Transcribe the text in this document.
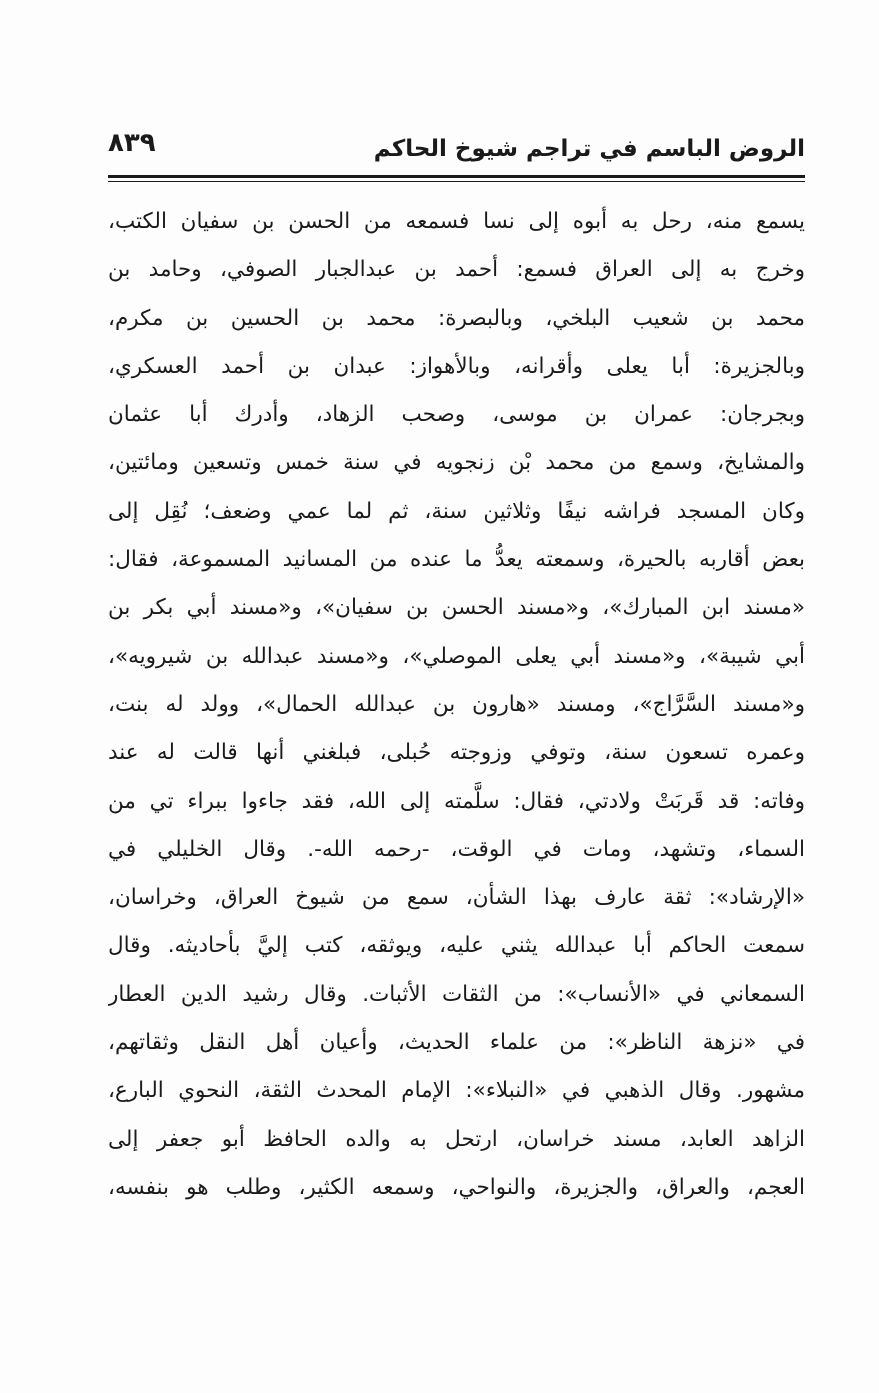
الروض الباسم في تراجم شيوخ الحاكم
٨٣٩
يسمع منه، رحل به أبوه إلى نسا فسمعه من الحسن بن سفيان الكتب،
وخرج به إلى العراق فسمع: أحمد بن عبدالجبار الصوفي، وحامد بن
محمد بن شعيب البلخي، وبالبصرة: محمد بن الحسين بن مكرم،
وبالجزيرة: أبا يعلى وأقرانه، وبالأهواز: عبدان بن أحمد العسكري،
وبجرجان: عمران بن موسى، وصحب الزهاد، وأدرك أبا عثمان
والمشايخ، وسمع من محمد بْن زنجويه في سنة خمس وتسعين ومائتين،
وكان المسجد فراشه نيفًا وثلاثين سنة، ثم لما عمي وضعف؛ نُقِل إلى
بعض أقاربه بالحيرة، وسمعته يعدُّ ما عنده من المسانيد المسموعة، فقال:
«مسند ابن المبارك»، و«مسند الحسن بن سفيان»، و«مسند أبي بكر بن
أبي شيبة»، و«مسند أبي يعلى الموصلي»، و«مسند عبدالله بن شيرويه»،
و«مسند السَّرَّاج»، ومسند «هارون بن عبدالله الحمال»، وولد له بنت،
وعمره تسعون سنة، وتوفي وزوجته حُبلى، فبلغني أنها قالت له عند
وفاته: قد قَربَتْ ولادتي، فقال: سلَّمته إلى الله، فقد جاءوا ببراء تي من
السماء، وتشهد، ومات في الوقت، -رحمه الله-. وقال الخليلي في
«الإرشاد»: ثقة عارف بهذا الشأن، سمع من شيوخ العراق، وخراسان،
سمعت الحاكم أبا عبدالله يثني عليه، ويوثقه، كتب إليَّ بأحاديثه. وقال
السمعاني في «الأنساب»: من الثقات الأثبات. وقال رشيد الدين العطار
في «نزهة الناظر»: من علماء الحديث، وأعيان أهل النقل وثقاتهم،
مشهور. وقال الذهبي في «النبلاء»: الإمام المحدث الثقة، النحوي البارع،
الزاهد العابد، مسند خراسان، ارتحل به والده الحافظ أبو جعفر إلى
العجم، والعراق، والجزيرة، والنواحي، وسمعه الكثير، وطلب هو بنفسه،
